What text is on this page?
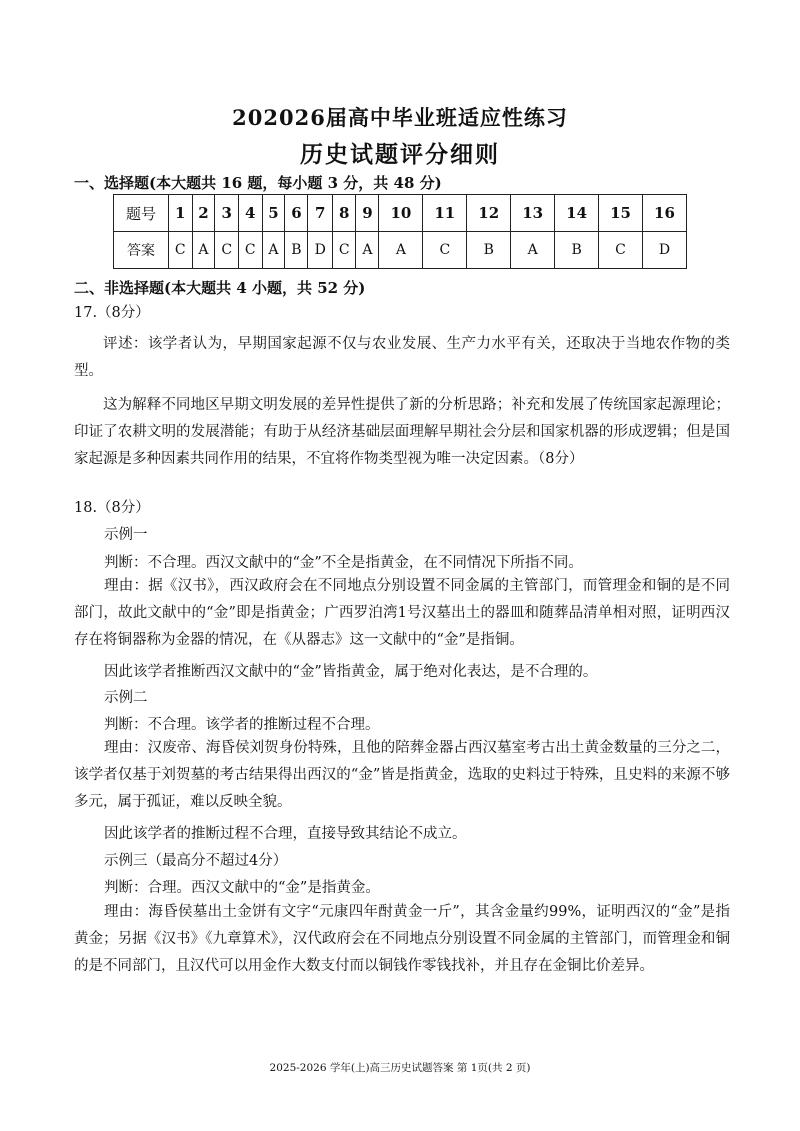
202026届高中毕业班适应性练习
历史试题评分细则
一、选择题(本大题共 16 题，每小题 3 分，共 48 分)
题号	1	2	3	4	5	6	7	8	9	10	11	12	13	14	15	16
答案	C	A	C	C	A	B	D	C	A	A	C	B	A	B	C	D
二、非选择题(本大题共 4 小题，共 52 分)
17.（8分）
评述：该学者认为，早期国家起源不仅与农业发展、生产力水平有关，还取决于当地农作物的类型。
这为解释不同地区早期文明发展的差异性提供了新的分析思路；补充和发展了传统国家起源理论；印证了农耕文明的发展潜能；有助于从经济基础层面理解早期社会分层和国家机器的形成逻辑；但是国家起源是多种因素共同作用的结果，不宜将作物类型视为唯一决定因素。（8分）
18.（8分）
示例一
判断：不合理。西汉文献中的“金”不全是指黄金，在不同情况下所指不同。
理由：据《汉书》，西汉政府会在不同地点分别设置不同金属的主管部门，而管理金和铜的是不同部门，故此文献中的“金”即是指黄金；广西罗泊湾1号汉墓出土的器皿和随葬品清单相对照，证明西汉存在将铜器称为金器的情况，在《从器志》这一文献中的“金”是指铜。
因此该学者推断西汉文献中的“金”皆指黄金，属于绝对化表达，是不合理的。
示例二
判断：不合理。该学者的推断过程不合理。
理由：汉废帝、海昏侯刘贺身份特殊，且他的陪葬金器占西汉墓室考古出土黄金数量的三分之二，该学者仅基于刘贺墓的考古结果得出西汉的“金”皆是指黄金，选取的史料过于特殊，且史料的来源不够多元，属于孤证，难以反映全貌。
因此该学者的推断过程不合理，直接导致其结论不成立。
示例三（最高分不超过4分）
判断：合理。西汉文献中的“金”是指黄金。
理由：海昏侯墓出土金饼有文字“元康四年酎黄金一斤”，其含金量约99%，证明西汉的“金”是指黄金；另据《汉书》《九章算术》，汉代政府会在不同地点分别设置不同金属的主管部门，而管理金和铜的是不同部门，且汉代可以用金作大数支付而以铜钱作零钱找补，并且存在金铜比价差异。
2025-2026 学年(上)高三历史试题答案 第 1页(共 2 页)
